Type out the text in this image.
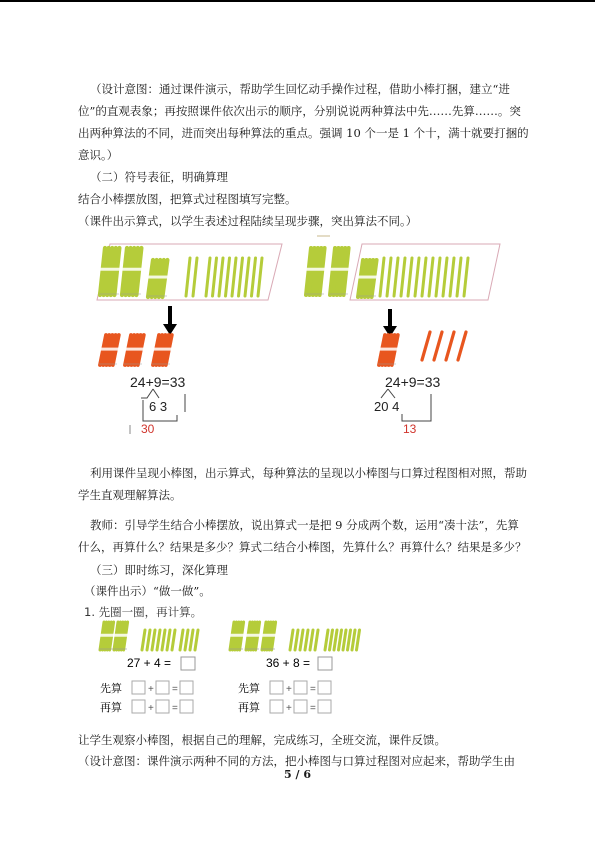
（设计意图：通过课件演示，帮助学生回忆动手操作过程，借助小棒打捆，建立“进位”的直观表象；再按照课件依次出示的顺序，分别说说两种算法中先……先算……。突出两种算法的不同，进而突出每种算法的重点。强调 10 个一是 1 个十，满十就要打捆的意识。）
（二）符号表征，明确算理
结合小棒摆放图，把算式过程图填写完整。
（课件出示算式，以学生表述过程陆续呈现步骤，突出算法不同。）
24+9=33
6 3
30
24+9=33
20 4
13
利用课件呈现小棒图，出示算式，每种算法的呈现以小棒图与口算过程图相对照，帮助学生直观理解算法。
教师：引导学生结合小棒摆放，说出算式一是把 9 分成两个数，运用“凑十法”，先算什么，再算什么？结果是多少？算式二结合小棒图，先算什么？再算什么？结果是多少？
（三）即时练习，深化算理
（课件出示）“做一做”。
1. 先圈一圈，再计算。
27 + 4 =	36 + 8 =
先算
再算
先算
再算
+ =
+ =
+ =
+ =
让学生观察小棒图，根据自己的理解，完成练习，全班交流，课件反馈。
（设计意图：课件演示两种不同的方法，把小棒图与口算过程图对应起来，帮助学生由
5 / 6
